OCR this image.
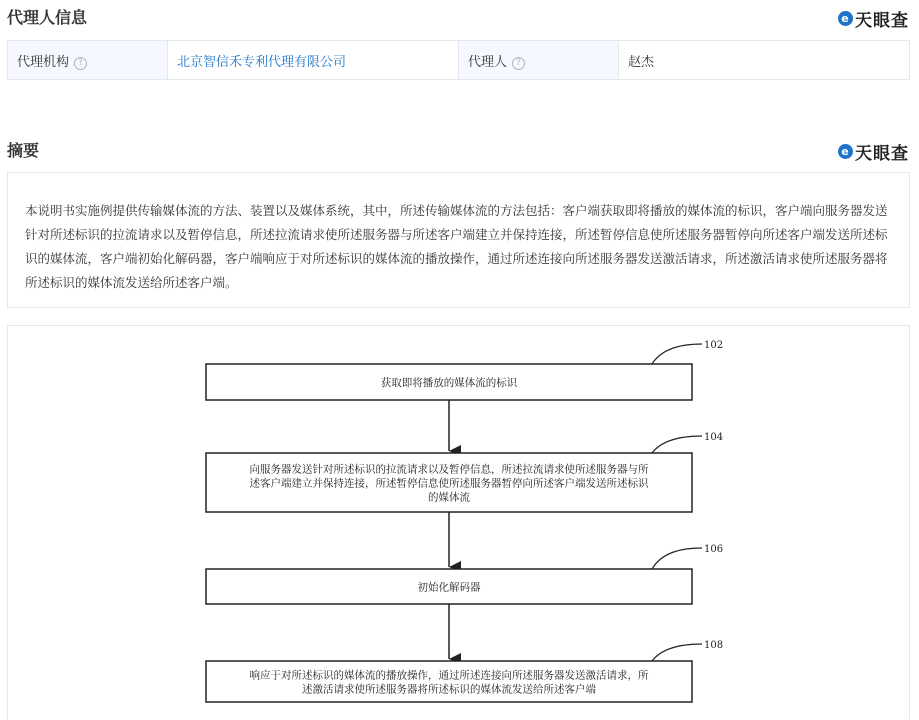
代理人信息	e 天眼查
代理机构 ?	北京智信禾专利代理有限公司	代理人 ?	赵杰
摘要	e 天眼查
本说明书实施例提供传输媒体流的方法、装置以及媒体系统，其中，所述传输媒体流的方法包括：客户端获取即将播放的媒体流的标识，客户端向服务器发送针对所述标识的拉流请求以及暂停信息，所述拉流请求使所述服务器与所述客户端建立并保持连接，所述暂停信息使所述服务器暂停向所述客户端发送所述标识的媒体流，客户端初始化解码器，客户端响应于对所述标识的媒体流的播放操作，通过所述连接向所述服务器发送激活请求，所述激活请求使所述服务器将所述标识的媒体流发送给所述客户端。
获取即将播放的媒体流的标识
102
向服务器发送针对所述标识的拉流请求以及暂停信息，所述拉流请求使所述服务器与所
述客户端建立并保持连接，所述暂停信息使所述服务器暂停向所述客户端发送所述标识
的媒体流
104
初始化解码器
106
响应于对所述标识的媒体流的播放操作，通过所述连接向所述服务器发送激活请求，所
述激活请求使所述服务器将所述标识的媒体流发送给所述客户端
108
